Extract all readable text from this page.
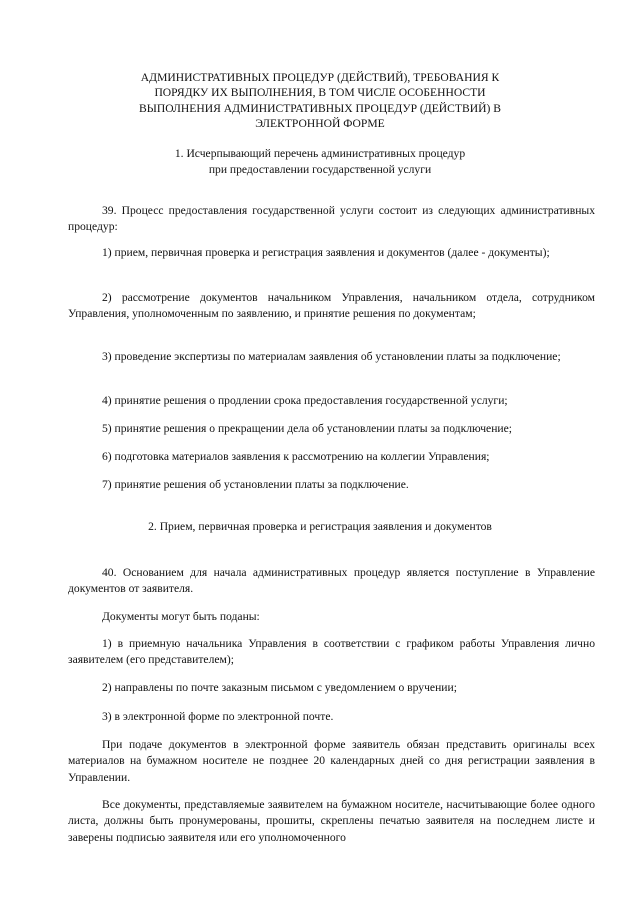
АДМИНИСТРАТИВНЫХ ПРОЦЕДУР (ДЕЙСТВИЙ), ТРЕБОВАНИЯ К
ПОРЯДКУ ИХ ВЫПОЛНЕНИЯ, В ТОМ ЧИСЛЕ ОСОБЕННОСТИ
ВЫПОЛНЕНИЯ АДМИНИСТРАТИВНЫХ ПРОЦЕДУР (ДЕЙСТВИЙ) В
ЭЛЕКТРОННОЙ ФОРМЕ
1. Исчерпывающий перечень административных процедур
при предоставлении государственной услуги
39. Процесс предоставления государственной услуги состоит из следующих административных процедур:
1) прием, первичная проверка и регистрация заявления и документов (далее - документы);
2) рассмотрение документов начальником Управления, начальником отдела, сотрудником Управления, уполномоченным по заявлению, и принятие решения по документам;
3) проведение экспертизы по материалам заявления об установлении платы за подключение;
4) принятие решения о продлении срока предоставления государственной услуги;
5) принятие решения о прекращении дела об установлении платы за подключение;
6) подготовка материалов заявления к рассмотрению на коллегии Управления;
7) принятие решения об установлении платы за подключение.
2. Прием, первичная проверка и регистрация заявления и документов
40. Основанием для начала административных процедур является поступление в Управление документов от заявителя.
Документы могут быть поданы:
1) в приемную начальника Управления в соответствии с графиком работы Управления лично заявителем (его представителем);
2) направлены по почте заказным письмом с уведомлением о вручении;
3) в электронной форме по электронной почте.
При подаче документов в электронной форме заявитель обязан представить оригиналы всех материалов на бумажном носителе не позднее 20 календарных дней со дня регистрации заявления в Управлении.
Все документы, представляемые заявителем на бумажном носителе, насчитывающие более одного листа, должны быть пронумерованы, прошиты, скреплены печатью заявителя на последнем листе и заверены подписью заявителя или его уполномоченного
